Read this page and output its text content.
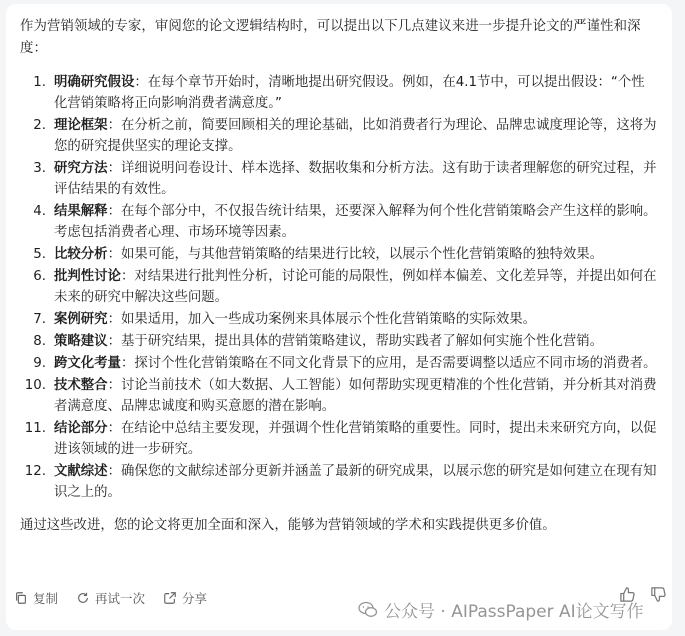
作为营销领域的专家，审阅您的论文逻辑结构时，可以提出以下几点建议来进一步提升论文的严谨性和深度：

1. 明确研究假设：在每个章节开始时，清晰地提出研究假设。例如，在4.1节中，可以提出假设：“个性化营销策略将正向影响消费者满意度。”
2. 理论框架：在分析之前，简要回顾相关的理论基础，比如消费者行为理论、品牌忠诚度理论等，这将为您的研究提供坚实的理论支撑。
3. 研究方法：详细说明问卷设计、样本选择、数据收集和分析方法。这有助于读者理解您的研究过程，并评估结果的有效性。
4. 结果解释：在每个部分中，不仅报告统计结果，还要深入解释为何个性化营销策略会产生这样的影响。考虑包括消费者心理、市场环境等因素。
5. 比较分析：如果可能，与其他营销策略的结果进行比较，以展示个性化营销策略的独特效果。
6. 批判性讨论：对结果进行批判性分析，讨论可能的局限性，例如样本偏差、文化差异等，并提出如何在未来的研究中解决这些问题。
7. 案例研究：如果适用，加入一些成功案例来具体展示个性化营销策略的实际效果。
8. 策略建议：基于研究结果，提出具体的营销策略建议，帮助实践者了解如何实施个性化营销。
9. 跨文化考量：探讨个性化营销策略在不同文化背景下的应用，是否需要调整以适应不同市场的消费者。
10. 技术整合：讨论当前技术（如大数据、人工智能）如何帮助实现更精准的个性化营销，并分析其对消费者满意度、品牌忠诚度和购买意愿的潜在影响。
11. 结论部分：在结论中总结主要发现，并强调个性化营销策略的重要性。同时，提出未来研究方向，以促进该领域的进一步研究。
12. 文献综述：确保您的文献综述部分更新并涵盖了最新的研究成果，以展示您的研究是如何建立在现有知识之上的。

通过这些改进，您的论文将更加全面和深入，能够为营销领域的学术和实践提供更多价值。

复制	再试一次	分享
公众号 · AIPassPaper AI论文写作
